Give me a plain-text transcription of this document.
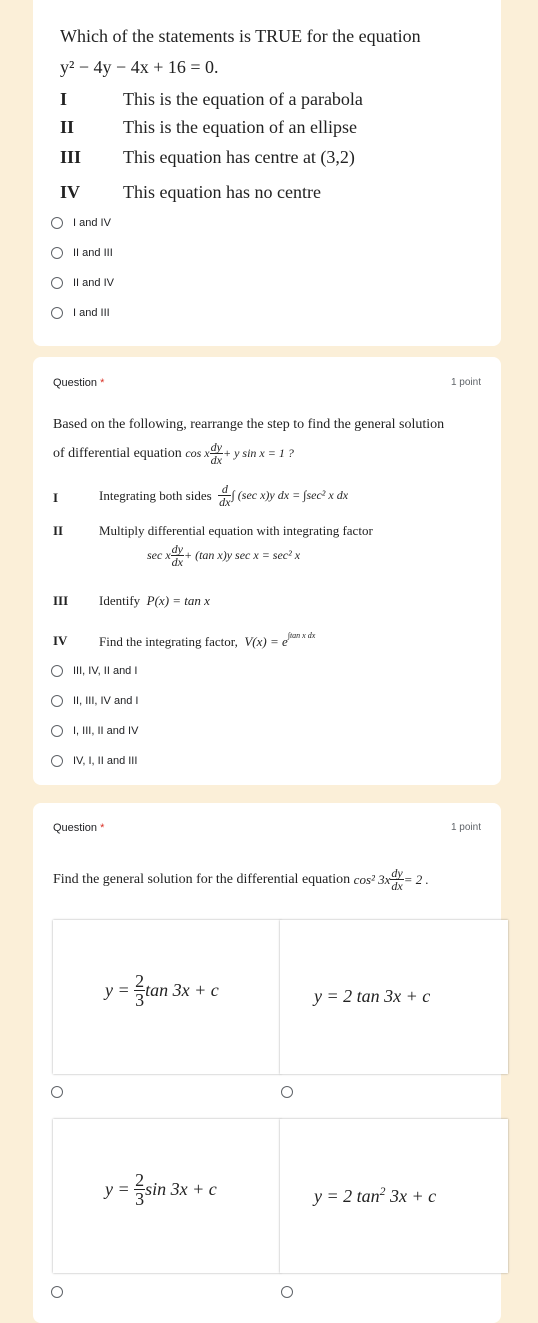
Which of the statements is TRUE for the equation
y² − 4y − 4x + 16 = 0.
I	This is the equation of a parabola
II	This is the equation of an ellipse
III This equation has centre at (3,2)
IV This equation has no centre
I and IV
II and III
II and IV
I and III
Question *	1 point
Based on the following, rearrange the step to find the general solution
of differential equation
cos x $\frac{dy}{dx} + y$ sin x = 1 ?
I	Integrating both sides
$\frac{d}{dx}$ ∫ (sec x)y dx = ∫sec² x dx
II	Multiply differential equation with integrating factor
sec x $\frac{dy}{dx} + (\tan$ x)y sec x = sec² x
III Identify P(x) = tan x
IV Find the integrating factor, $V(x) = e^{\int tan x dx}$
III, IV, II and I
II, III, IV and I
I, III, II and IV
IV, I, II and III
Question *	1 point
Find the general solution for the differential equation
cos² $3x \frac{dy}{dx} = 2$ .
y =
$\frac{2}{3}$ tan 3x + c	y = 2 tan 3x + c
y =
$\frac{2}{3}$ sin 3x + c	y = 2 $\tan^2 3x + c$
